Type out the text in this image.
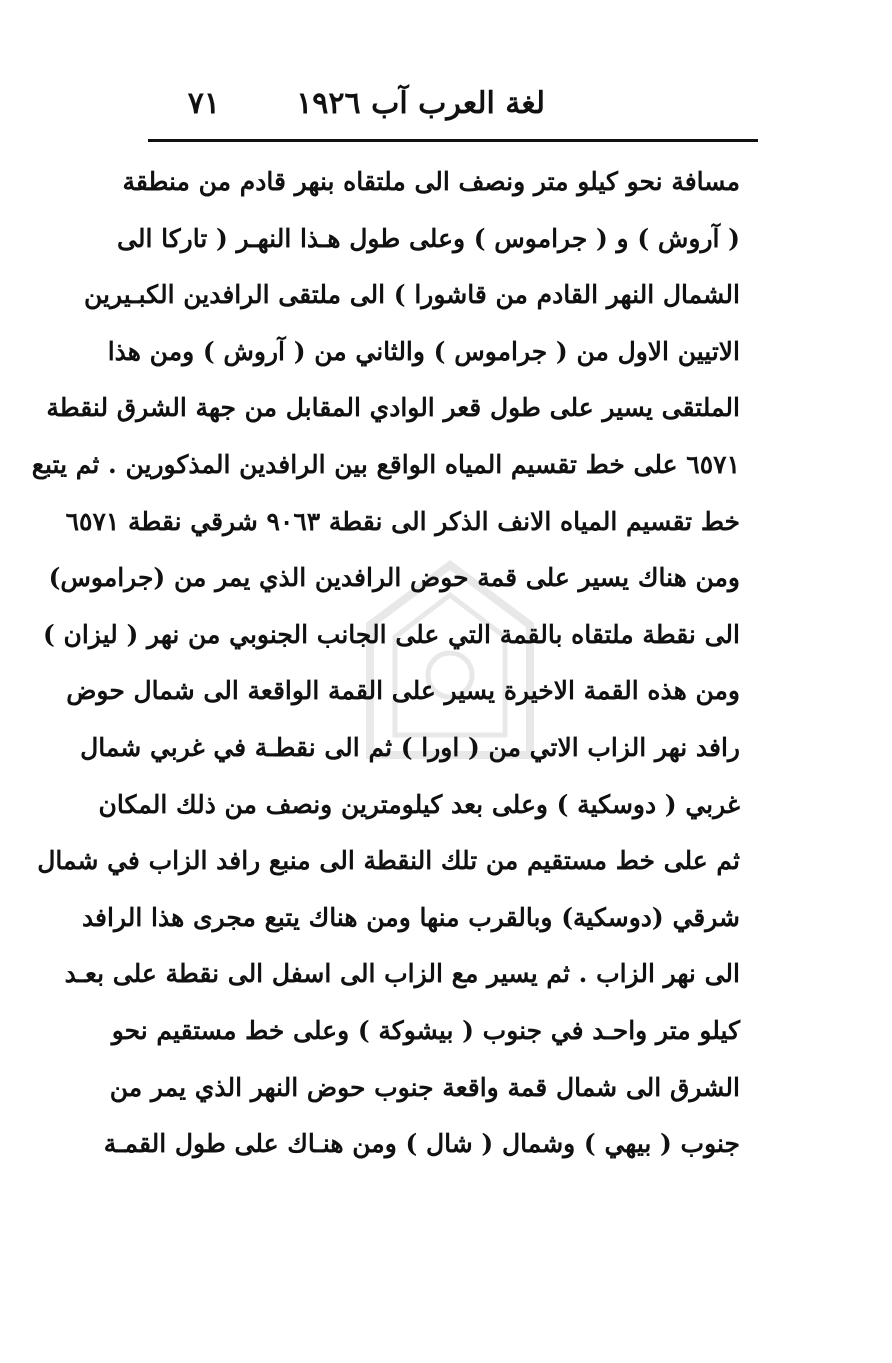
لغة العرب آب ١٩٢٦
٧١
مسافة نحو كيلو متر ونصف الى ملتقاه بنهر قادم من منطقة
( آروش ) و ( جراموس ) وعلى طول هـذا النهـر ( تاركا الى
الشمال النهر القادم من قاشورا ) الى ملتقى الرافدين الكبـيرين
الاتيين الاول من ( جراموس ) والثاني من ( آروش ) ومن هذا
الملتقى يسير على طول قعر الوادي المقابل من جهة الشرق لنقطة
٦٥٧١ على خط تقسيم المياه الواقع بين الرافدين المذكورين . ثم يتبع
خط تقسيم المياه الانف الذكر الى نقطة ٩٠٦٣ شرقي نقطة ٦٥٧١
ومن هناك يسير على قمة حوض الرافدين الذي يمر من (جراموس)
الى نقطة ملتقاه بالقمة التي على الجانب الجنوبي من نهر ( ليزان )
ومن هذه القمة الاخيرة يسير على القمة الواقعة الى شمال حوض
رافد نهر الزاب الاتي من ( اورا ) ثم الى نقطـة في غربي شمال
غربي ( دوسكية ) وعلى بعد كيلومترين ونصف من ذلك المكان
ثم على خط مستقيم من تلك النقطة الى منبع رافد الزاب في شمال
شرقي (دوسكية) وبالقرب منها ومن هناك يتبع مجرى هذا الرافد
الى نهر الزاب . ثم يسير مع الزاب الى اسفل الى نقطة على بعـد
كيلو متر واحـد في جنوب ( بيشوكة ) وعلى خط مستقيم نحو
الشرق الى شمال قمة واقعة جنوب حوض النهر الذي يمر من
جنوب ( بيهي ) وشمال ( شال ) ومن هنـاك على طول القمـة
